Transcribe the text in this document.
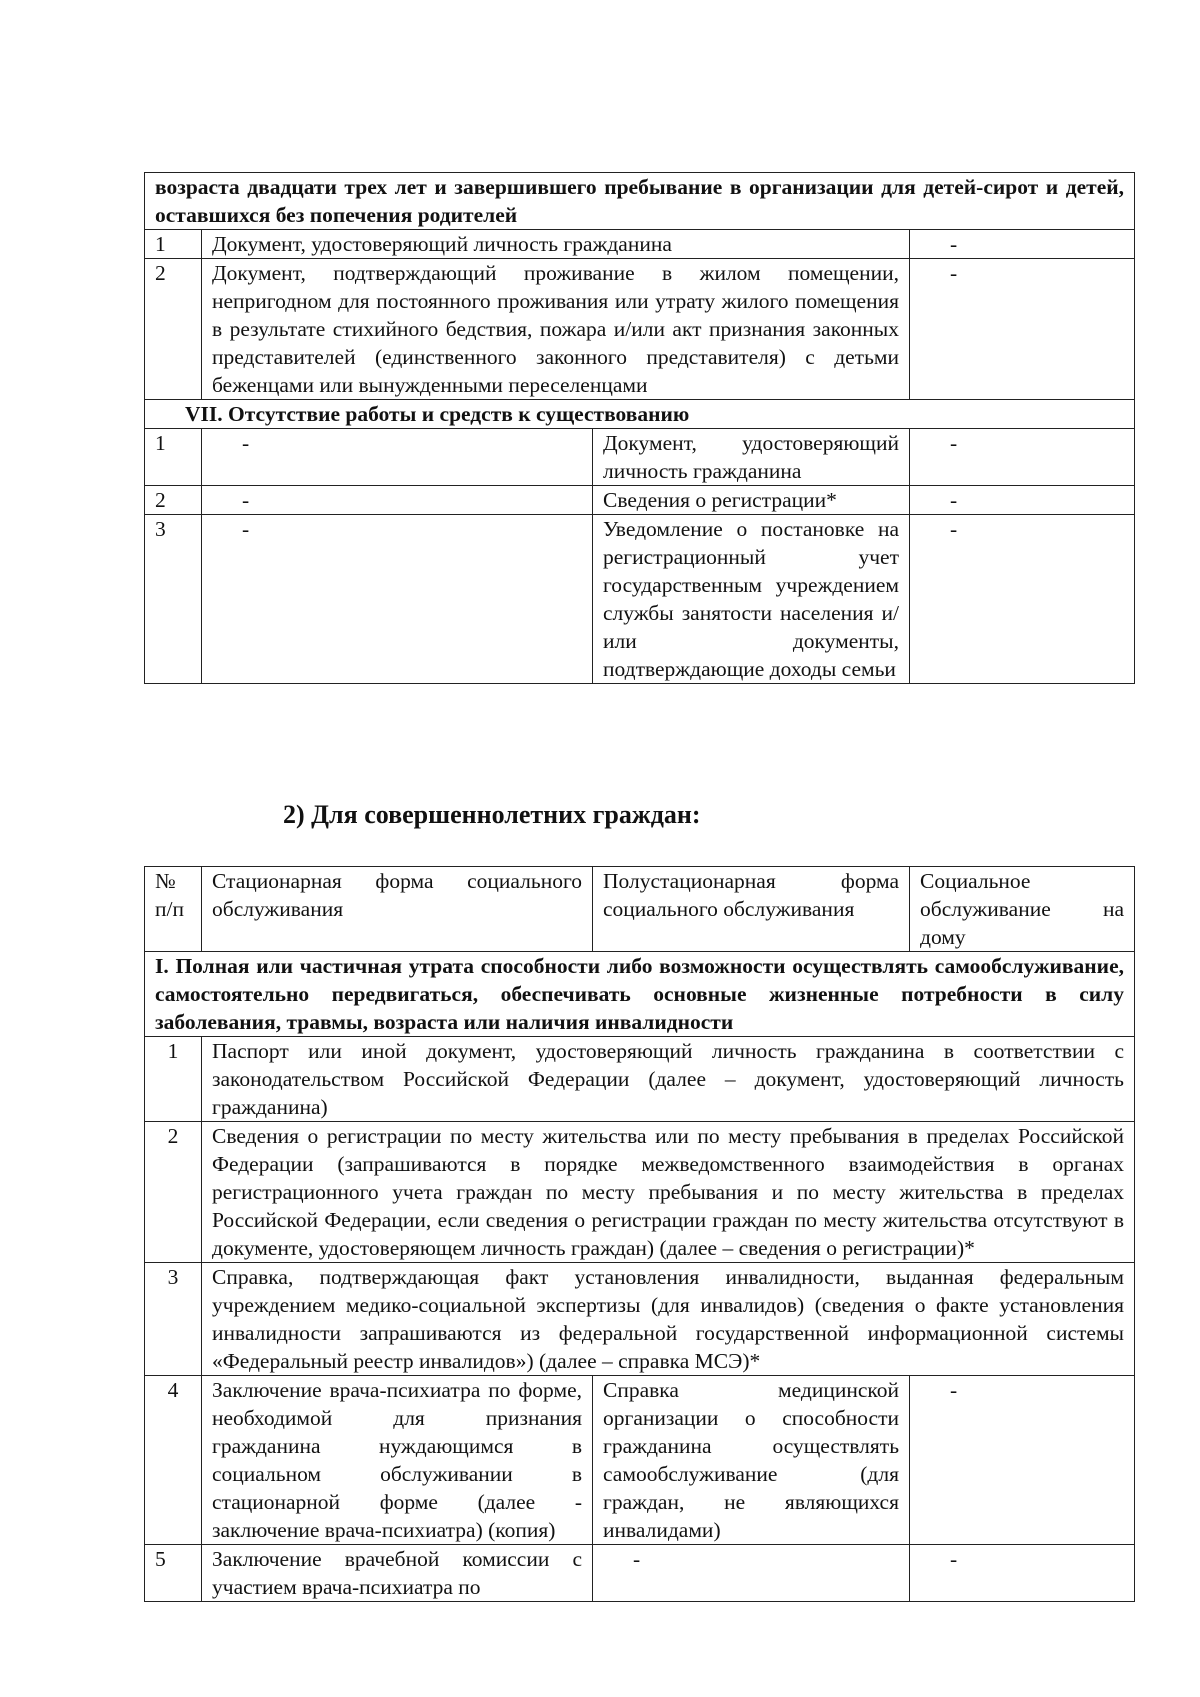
возраста двадцати трех лет и завершившего пребывание в организации для детей-сирот и детей, оставшихся без попечения родителей			
1	Документ, удостоверяющий личность гражданина		-
2	Документ, подтверждающий проживание в жилом помещении, непригодном для постоянного проживания или утрату жилого помещения в результате стихийного бедствия, пожара и/или акт признания законных представителей (единственного законного представителя) с детьми беженцами или вынужденными переселенцами		-
VII. Отсутствие работы и средств к существованию			
1	-	Документ, удостоверяющий личность гражданина	-
2	-	Сведения о регистрации*	-
3	-	Уведомление о постановке на регистрационный учет государственным учреждением службы занятости населения и/или документы, подтверждающие доходы семьи	-
2) Для совершеннолетних граждан:
№ п/п	Стационарная форма социального обслуживания	Полустационарная форма социального обслуживания	Социальное обслуживание на дому
I. Полная или частичная утрата способности либо возможности осуществлять самообслуживание, самостоятельно передвигаться, обеспечивать основные жизненные потребности в силу заболевания, травмы, возраста или наличия инвалидности			
1	Паспорт или иной документ, удостоверяющий личность гражданина в соответствии с законодательством Российской Федерации (далее – документ, удостоверяющий личность гражданина)		
2	Сведения о регистрации по месту жительства или по месту пребывания в пределах Российской Федерации (запрашиваются в порядке межведомственного взаимодействия в органах регистрационного учета граждан по месту пребывания и по месту жительства в пределах Российской Федерации, если сведения о регистрации граждан по месту жительства отсутствуют в документе, удостоверяющем личность граждан) (далее – сведения о регистрации)*		
3	Справка, подтверждающая факт установления инвалидности, выданная федеральным учреждением медико-социальной экспертизы (для инвалидов) (сведения о факте установления инвалидности запрашиваются из федеральной государственной информационной системы «Федеральный реестр инвалидов») (далее – справка МСЭ)*		
4	Заключение врача-психиатра по форме, необходимой для признания гражданина нуждающимся в социальном обслуживании в стационарной форме (далее - заключение врача-психиатра) (копия)	Справка медицинской организации о способности гражданина осуществлять самообслуживание (для граждан, не являющихся инвалидами)	-
5	Заключение врачебной комиссии с участием врача-психиатра по	-	-
